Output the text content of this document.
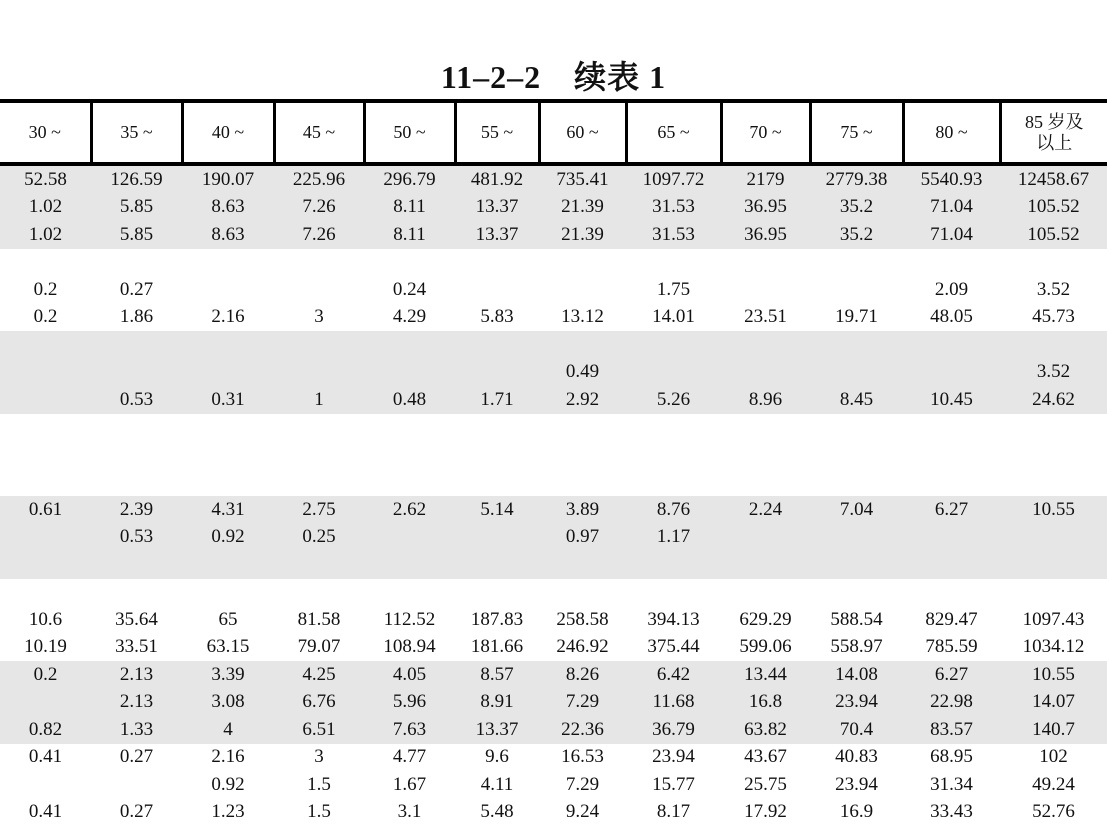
11–2–2　续表 1
30 ~	35 ~	40 ~	45 ~	50 ~	55 ~	60 ~	65 ~	70 ~	75 ~	80 ~	85 岁及
以上
52.58	126.59	190.07	225.96	296.79	481.92	735.41	1097.72	2179	2779.38	5540.93	12458.67
1.02	5.85	8.63	7.26	8.11	13.37	21.39	31.53	36.95	35.2	71.04	105.52
1.02	5.85	8.63	7.26	8.11	13.37	21.39	31.53	36.95	35.2	71.04	105.52

0.2	0.27			0.24			1.75			2.09	3.52
0.2	1.86	2.16	3	4.29	5.83	13.12	14.01	23.51	19.71	48.05	45.73

						0.49					3.52
	0.53	0.31	1	0.48	1.71	2.92	5.26	8.96	8.45	10.45	24.62

0.61	2.39	4.31	2.75	2.62	5.14	3.89	8.76	2.24	7.04	6.27	10.55
	0.53	0.92	0.25			0.97	1.17				

10.6	35.64	65	81.58	112.52	187.83	258.58	394.13	629.29	588.54	829.47	1097.43
10.19	33.51	63.15	79.07	108.94	181.66	246.92	375.44	599.06	558.97	785.59	1034.12
0.2	2.13	3.39	4.25	4.05	8.57	8.26	6.42	13.44	14.08	6.27	10.55
	2.13	3.08	6.76	5.96	8.91	7.29	11.68	16.8	23.94	22.98	14.07
0.82	1.33	4	6.51	7.63	13.37	22.36	36.79	63.82	70.4	83.57	140.7
0.41	0.27	2.16	3	4.77	9.6	16.53	23.94	43.67	40.83	68.95	102
		0.92	1.5	1.67	4.11	7.29	15.77	25.75	23.94	31.34	49.24
0.41	0.27	1.23	1.5	3.1	5.48	9.24	8.17	17.92	16.9	33.43	52.76
